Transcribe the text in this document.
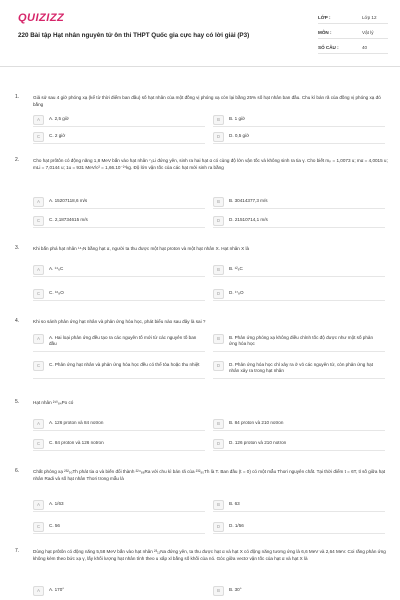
QUIZIZZ
220 Bài tập Hạt nhân nguyên tử ôn thi THPT Quốc gia cực hay có lời giải (P3)
LỚP :	Lớp 12
MÔN :	Vật lý
SỐ CÂU :	40
1.	Giả sử sau 4 giờ phóng xạ (kể từ thời điểm ban đầu) số hạt nhân của một đồng vị phóng xạ còn lại bằng 25% số hạt nhân ban đầu. Chu kì bán rã của đồng vị phóng xạ đó bằng
A	A. 2,5 giờ	B	B. 1 giờ
C	C. 2 giờ	D	D. 0,5 giờ
2.	Cho hạt prôtôn có động năng 1,8 MeV bắn vào hạt nhân ⁷₃Li đứng yên, sinh ra hai hạt α có cùng độ lớn vận tốc và không sinh ra tia γ. Cho biết mₚ = 1,0073 u; mα = 4,0015 u; mLi = 7,0144 u; 1u = 931 MeV/c² = 1,66.10⁻²⁷kg. Độ lớn vận tốc của các hạt mới sinh ra bằng
A	A. 15207118,6 m/s	B	B. 30414377,3 m/s
C	C. 2,18734615 m/s	D	D. 21510714,1 m/s
3.	Khi bắn phá hạt nhân ¹⁴₇N bằng hạt α, người ta thu được một hạt proton và một hạt nhân X. Hạt nhân X là
A	A. ¹⁴₆C	B	B. ¹²₆C
C	C. ¹⁶₈O	D	D. ¹⁷₈O
4.	Khi so sánh phản ứng hạt nhân và phản ứng hóa học, phát biểu nào sau đây là sai ?
A	A. Hai loại phản ứng đều tạo ra các nguyên tố mới từ các nguyên tố ban đầu
B	B. Phản ứng phóng xạ không điều chỉnh tốc độ được như một số phản ứng hóa học
C	C. Phản ứng hạt nhân và phản ứng hóa học đều có thể tỏa hoặc thu nhiệt	D	D. Phản ứng hóa học chỉ xảy ra ở vỏ các nguyên tử, còn phản ứng hạt nhân xảy ra trong hạt nhân
5.	Hạt nhân ²¹⁰₈₄Po có
A	A. 126 proton và 84 notron	B	B. 84 proton và 210 notron
C	C. 84 proton và 126 notron	D	D. 126 proton và 210 notron
6.	Chất phóng xạ ²³²₉₀Th phát tia α và biến đổi thành ²²⁴₈₈Ra với chu kì bán rã của ²³²₉₀Th là T. Ban đầu (t = 0) có một mẫu Thori nguyên chất. Tại thời điểm t = 6T, tỉ số giữa hạt nhân Radi và số hạt nhân Thori trong mẫu là
A	A. 1/63	B	B. 63
C	C. 56	D	D. 1/56
7.	Dùng hạt prôtôn có động năng 5,58 MeV bắn vào hạt nhân ²³₁₁Na đứng yên, ta thu được hạt α và hạt X có động năng tương ứng là 6,6 MeV và 2,64 MeV. Coi rằng phản ứng không kèm theo bức xạ γ, lấy khối lượng hạt nhân tính theo u xấp xỉ bằng số khối của nó. Góc giữa vectơ vận tốc của hạt α và hạt X là
A	A. 170°	B	B. 30°
